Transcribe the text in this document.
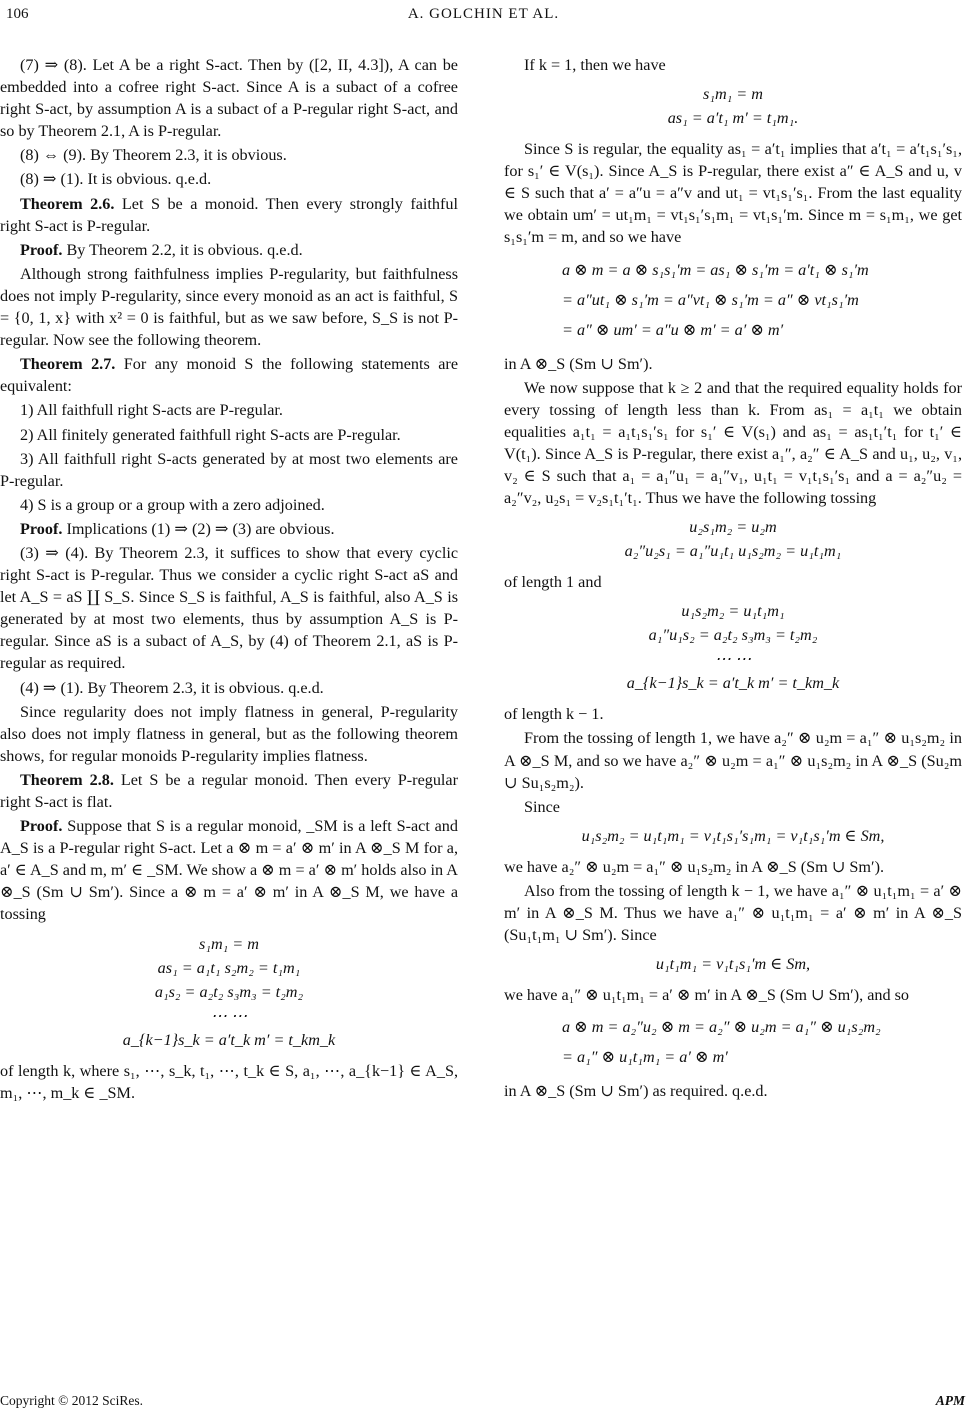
106	A. GOLCHIN ET AL.

(7) ⇒ (8). Let A be a right S-act. Then by ([2, II, 4.3]), A can be embedded into a cofree right S-act. Since A is a subact of a cofree right S-act, by assumption A is a subact of a P-regular right S-act, and so by Theorem 2.1, A is P-regular.

(8) ⇔ (9). By Theorem 2.3, it is obvious.

(8) ⇒ (1). It is obvious. q.e.d.

Theorem 2.6. Let S be a monoid. Then every strongly faithful right S-act is P-regular.

Proof. By Theorem 2.2, it is obvious. q.e.d.

Although strong faithfulness implies P-regularity, but faithfulness does not imply P-regularity, since every monoid as an act is faithful, S = {0, 1, x} with x² = 0 is faithful, but as we saw before, S_S is not P-regular. Now see the following theorem.

Theorem 2.7. For any monoid S the following statements are equivalent:

1) All faithfull right S-acts are P-regular.

2) All finitely generated faithfull right S-acts are P-regular.

3) All faithfull right S-acts generated by at most two elements are P-regular.

4) S is a group or a group with a zero adjoined.

Proof. Implications (1) ⇒ (2) ⇒ (3) are obvious.

(3) ⇒ (4). By Theorem 2.3, it suffices to show that every cyclic right S-act is P-regular. Thus we consider a cyclic right S-act aS and let A_S = aS ∐ S_S. Since S_S is faithful, A_S is faithful, also A_S is generated by at most two elements, thus by assumption A_S is P-regular. Since aS is a subact of A_S, by (4) of Theorem 2.1, aS is P-regular as required.

(4) ⇒ (1). By Theorem 2.3, it is obvious. q.e.d.

Since regularity does not imply flatness in general, P-regularity also does not imply flatness in general, but as the following theorem shows, for regular monoids P-regularity implies flatness.

Theorem 2.8. Let S be a regular monoid. Then every P-regular right S-act is flat.

Proof. Suppose that S is a regular monoid, _SM is a left S-act and A_S is a P-regular right S-act. Let a ⊗ m = a′ ⊗ m′ in A ⊗_S M for a, a′ ∈ A_S and m, m′ ∈ _SM. We show a ⊗ m = a′ ⊗ m′ holds also in A ⊗_S (Sm ∪ Sm′). Since a ⊗ m = a′ ⊗ m′ in A ⊗_S M, we have a tossing

s₁m₁ = m
as₁ = a₁t₁ s₂m₂ = t₁m₁
a₁s₂ = a₂t₂ s₃m₃ = t₂m₂
⋯ ⋯
a_{k−1}s_k = a′t_k m′ = t_km_k

of length k, where s₁, ⋯, s_k, t₁, ⋯, t_k ∈ S, a₁, ⋯, a_{k−1} ∈ A_S, m₁, ⋯, m_k ∈ _SM.

If k = 1, then we have

s₁m₁ = m
as₁ = a′t₁ m′ = t₁m₁.

Since S is regular, the equality as₁ = a′t₁ implies that a′t₁ = a′t₁s₁′s₁, for s₁′ ∈ V(s₁). Since A_S is P-regular, there exist a″ ∈ A_S and u, v ∈ S such that a′ = a″u = a″v and ut₁ = vt₁s₁′s₁. From the last equality we obtain um′ = ut₁m₁ = vt₁s₁′s₁m₁ = vt₁s₁′m. Since m = s₁m₁, we get s₁s₁′m = m, and so we have

a ⊗ m = a ⊗ s₁s₁′m = as₁ ⊗ s₁′m = a′t₁ ⊗ s₁′m
= a″ut₁ ⊗ s₁′m = a″vt₁ ⊗ s₁′m = a″ ⊗ vt₁s₁′m
= a″ ⊗ um′ = a″u ⊗ m′ = a′ ⊗ m′

in A ⊗_S (Sm ∪ Sm′).

We now suppose that k ≥ 2 and that the required equality holds for every tossing of length less than k. From as₁ = a₁t₁ we obtain equalities a₁t₁ = a₁t₁s₁′s₁ for s₁′ ∈ V(s₁) and as₁ = as₁t₁′t₁ for t₁′ ∈ V(t₁). Since A_S is P-regular, there exist a₁″, a₂″ ∈ A_S and u₁, u₂, v₁, v₂ ∈ S such that a₁ = a₁″u₁ = a₁″v₁, u₁t₁ = v₁t₁s₁′s₁ and a = a₂″u₂ = a₂″v₂, u₂s₁ = v₂s₁t₁′t₁. Thus we have the following tossing

u₂s₁m₂ = u₂m
a₂″u₂s₁ = a₁″u₁t₁ u₁s₂m₂ = u₁t₁m₁

of length 1 and

u₁s₂m₂ = u₁t₁m₁
a₁″u₁s₂ = a₂t₂ s₃m₃ = t₂m₂
⋯ ⋯
a_{k−1}s_k = a′t_k m′ = t_km_k

of length k − 1.

From the tossing of length 1, we have a₂″ ⊗ u₂m = a₁″ ⊗ u₁s₂m₂ in A ⊗_S M, and so we have a₂″ ⊗ u₂m = a₁″ ⊗ u₁s₂m₂ in A ⊗_S (Su₂m ∪ Su₁s₂m₂).

Since

u₁s₂m₂ = u₁t₁m₁ = v₁t₁s₁′s₁m₁ = v₁t₁s₁′m ∈ Sm,

we have a₂″ ⊗ u₂m = a₁″ ⊗ u₁s₂m₂ in A ⊗_S (Sm ∪ Sm′).

Also from the tossing of length k − 1, we have a₁″ ⊗ u₁t₁m₁ = a′ ⊗ m′ in A ⊗_S M. Thus we have a₁″ ⊗ u₁t₁m₁ = a′ ⊗ m′ in A ⊗_S (Su₁t₁m₁ ∪ Sm′). Since

u₁t₁m₁ = v₁t₁s₁′m ∈ Sm,

we have a₁″ ⊗ u₁t₁m₁ = a′ ⊗ m′ in A ⊗_S (Sm ∪ Sm′), and so

a ⊗ m = a₂″u₂ ⊗ m = a₂″ ⊗ u₂m = a₁″ ⊗ u₁s₂m₂
= a₁″ ⊗ u₁t₁m₁ = a′ ⊗ m′

in A ⊗_S (Sm ∪ Sm′) as required. q.e.d.

Copyright © 2012 SciRes.	APM
